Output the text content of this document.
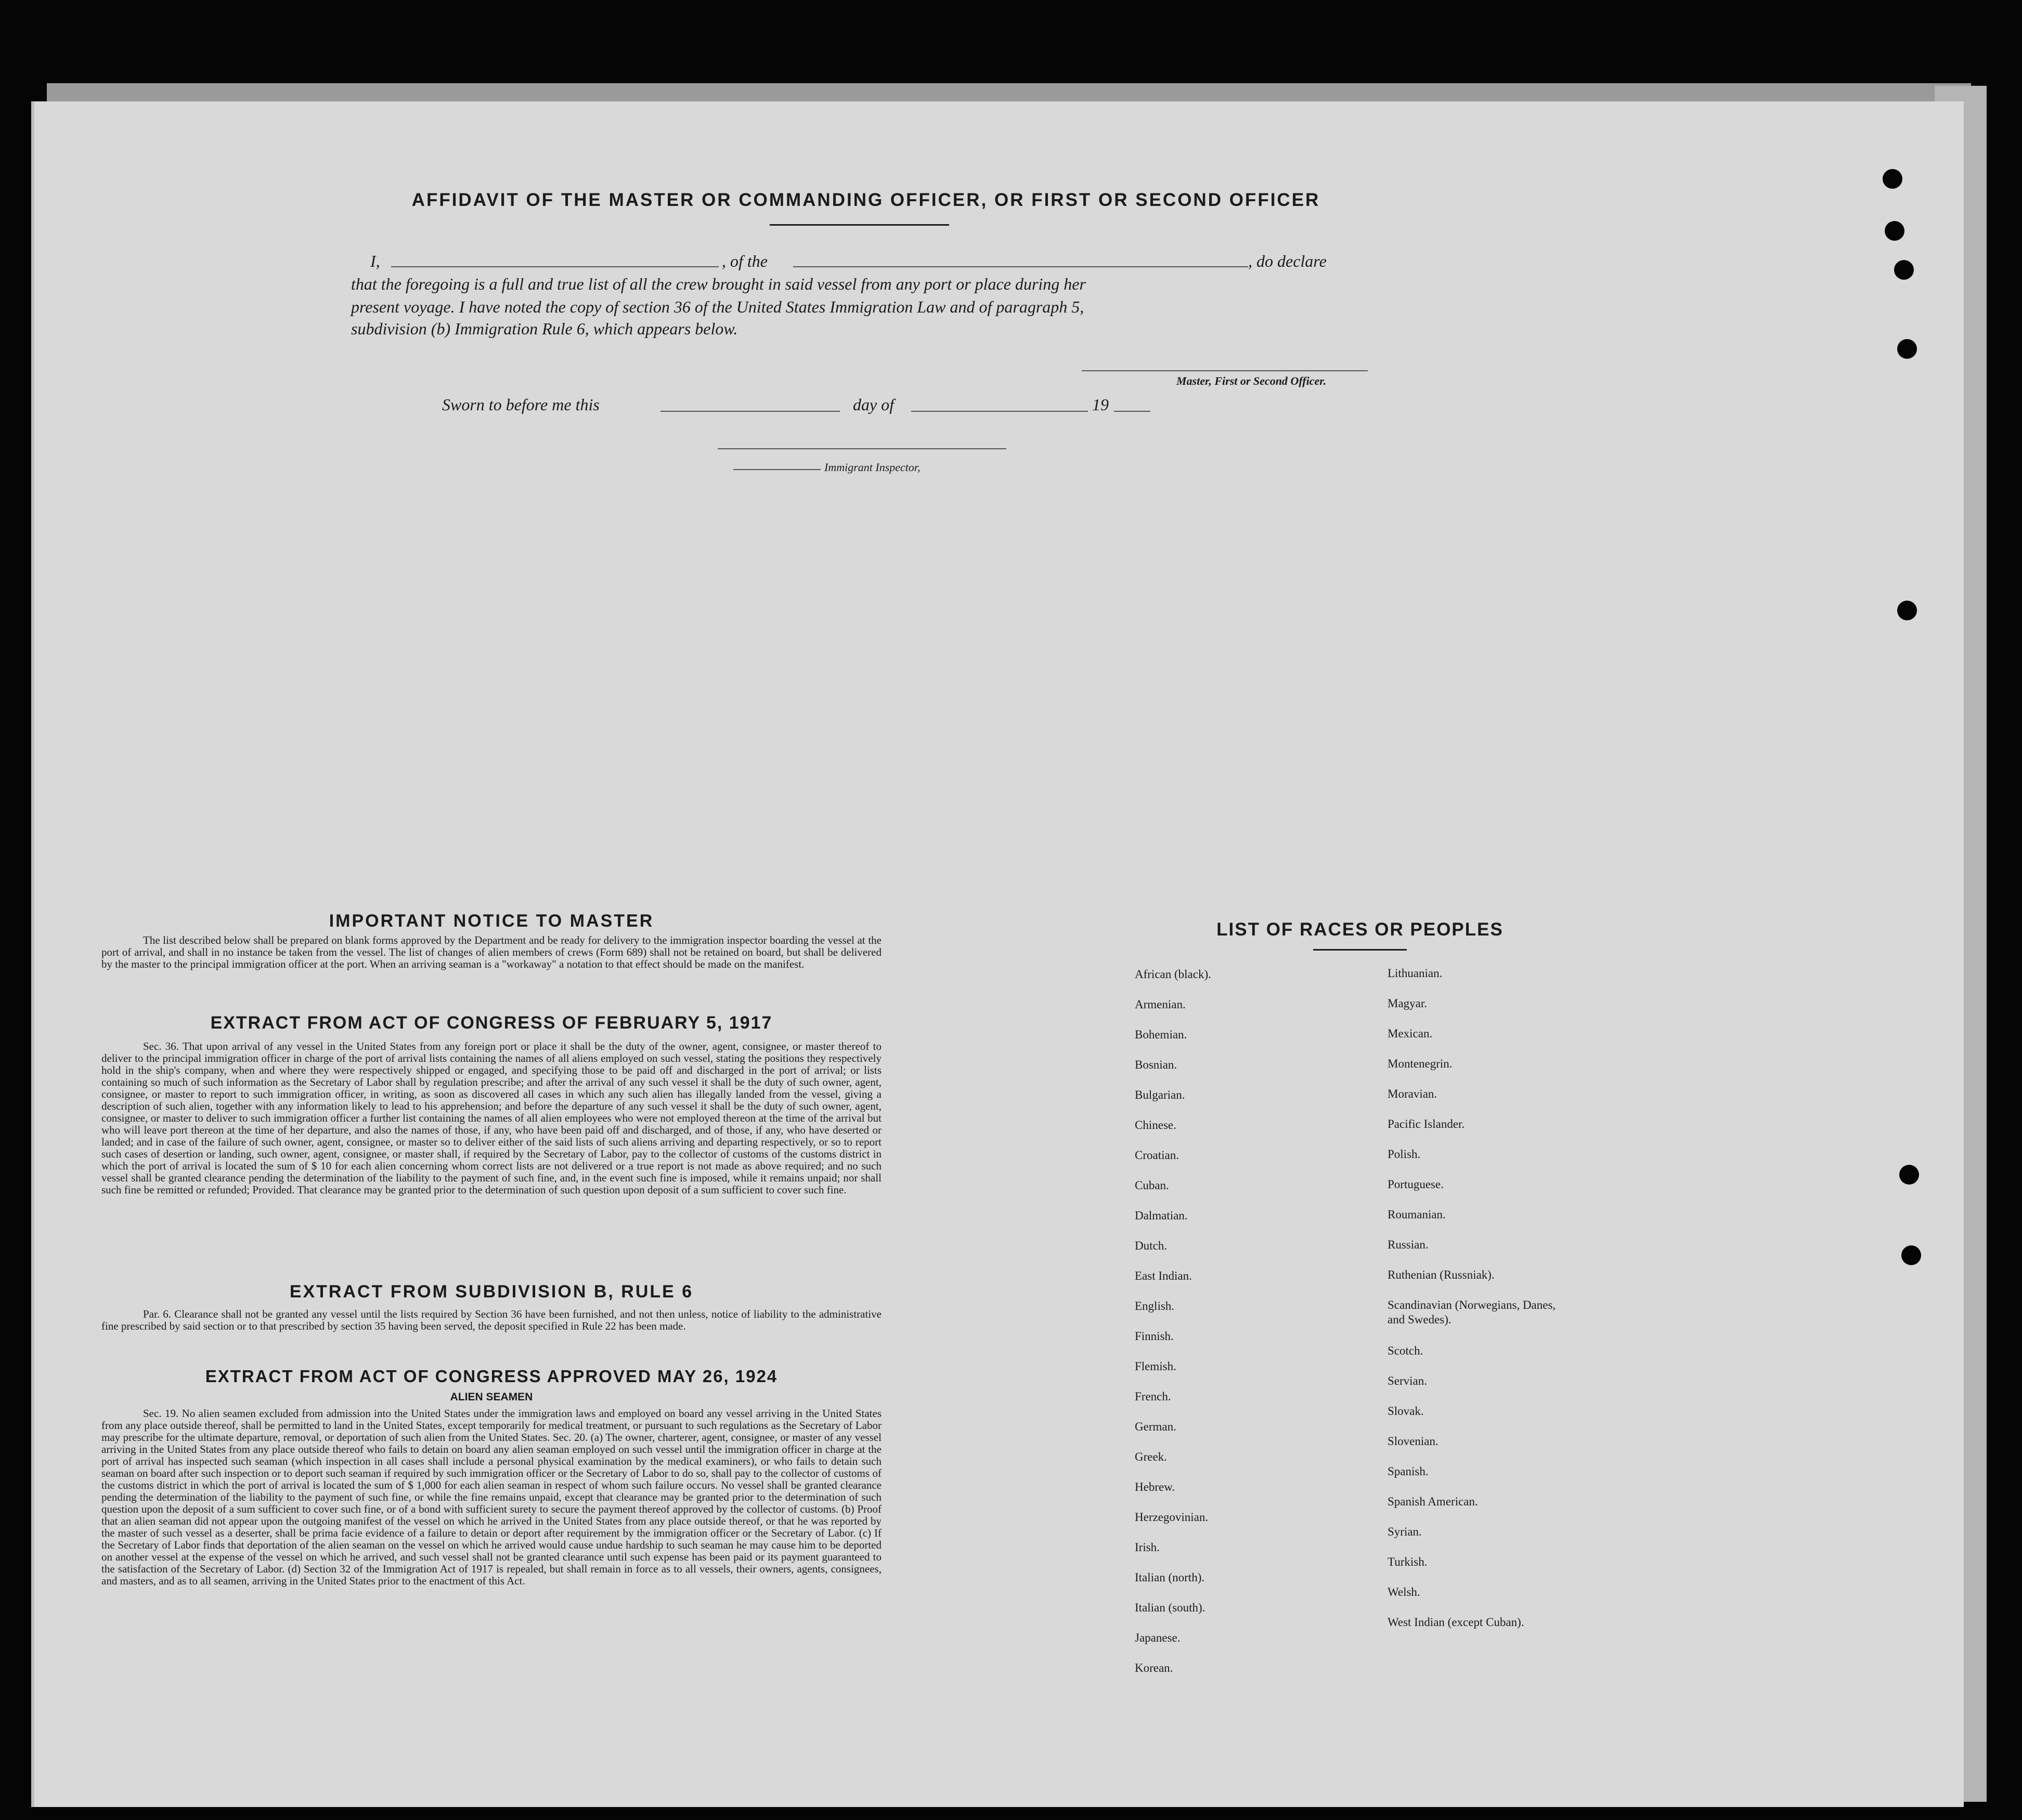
AFFIDAVIT OF THE MASTER OR COMMANDING OFFICER, OR FIRST OR SECOND OFFICER
I,	, of the	, do declare
that the foregoing is a full and true list of all the crew brought in said vessel from any port or place during her
present voyage. I have noted the copy of section 36 of the United States Immigration Law and of paragraph 5,
subdivision (b) Immigration Rule 6, which appears below.
Master, First or Second Officer.
Sworn to before me this	day of	19
Immigrant Inspector,
IMPORTANT NOTICE TO MASTER
The list described below shall be prepared on blank forms approved by the Department and be ready for delivery to the immigration inspector boarding the vessel at the port of arrival, and shall in no instance be taken from the vessel. The list of changes of alien members of crews (Form 689) shall not be retained on board, but shall be delivered by the master to the principal immigration officer at the port. When an arriving seaman is a "workaway" a notation to that effect should be made on the manifest.
EXTRACT FROM ACT OF CONGRESS OF FEBRUARY 5, 1917
Sec. 36. That upon arrival of any vessel in the United States from any foreign port or place it shall be the duty of the owner, agent, consignee, or master thereof to deliver to the principal immigration officer in charge of the port of arrival lists containing the names of all aliens employed on such vessel, stating the positions they respectively hold in the ship's company, when and where they were respectively shipped or engaged, and specifying those to be paid off and discharged in the port of arrival; or lists containing so much of such information as the Secretary of Labor shall by regulation prescribe; and after the arrival of any such vessel it shall be the duty of such owner, agent, consignee, or master to report to such immigration officer, in writing, as soon as discovered all cases in which any such alien has illegally landed from the vessel, giving a description of such alien, together with any information likely to lead to his apprehension; and before the departure of any such vessel it shall be the duty of such owner, agent, consignee, or master to deliver to such immigration officer a further list containing the names of all alien employees who were not employed thereon at the time of the arrival but who will leave port thereon at the time of her departure, and also the names of those, if any, who have been paid off and discharged, and of those, if any, who have deserted or landed; and in case of the failure of such owner, agent, consignee, or master so to deliver either of the said lists of such aliens arriving and departing respectively, or so to report such cases of desertion or landing, such owner, agent, consignee, or master shall, if required by the Secretary of Labor, pay to the collector of customs of the customs district in which the port of arrival is located the sum of $ 10 for each alien concerning whom correct lists are not delivered or a true report is not made as above required; and no such vessel shall be granted clearance pending the determination of the liability to the payment of such fine, and, in the event such fine is imposed, while it remains unpaid; nor shall such fine be remitted or refunded; Provided. That clearance may be granted prior to the determination of such question upon deposit of a sum sufficient to cover such fine.
EXTRACT FROM SUBDIVISION B, RULE 6
Par. 6. Clearance shall not be granted any vessel until the lists required by Section 36 have been furnished, and not then unless, notice of liability to the administrative fine prescribed by said section or to that prescribed by section 35 having been served, the deposit specified in Rule 22 has been made.
EXTRACT FROM ACT OF CONGRESS APPROVED MAY 26, 1924
ALIEN SEAMEN
Sec. 19. No alien seamen excluded from admission into the United States under the immigration laws and employed on board any vessel arriving in the United States from any place outside thereof, shall be permitted to land in the United States, except temporarily for medical treatment, or pursuant to such regulations as the Secretary of Labor may prescribe for the ultimate departure, removal, or deportation of such alien from the United States. Sec. 20. (a) The owner, charterer, agent, consignee, or master of any vessel arriving in the United States from any place outside thereof who fails to detain on board any alien seaman employed on such vessel until the immigration officer in charge at the port of arrival has inspected such seaman (which inspection in all cases shall include a personal physical examination by the medical examiners), or who fails to detain such seaman on board after such inspection or to deport such seaman if required by such immigration officer or the Secretary of Labor to do so, shall pay to the collector of customs of the customs district in which the port of arrival is located the sum of $ 1,000 for each alien seaman in respect of whom such failure occurs. No vessel shall be granted clearance pending the determination of the liability to the payment of such fine, or while the fine remains unpaid, except that clearance may be granted prior to the determination of such question upon the deposit of a sum sufficient to cover such fine, or of a bond with sufficient surety to secure the payment thereof approved by the collector of customs. (b) Proof that an alien seaman did not appear upon the outgoing manifest of the vessel on which he arrived in the United States from any place outside thereof, or that he was reported by the master of such vessel as a deserter, shall be prima facie evidence of a failure to detain or deport after requirement by the immigration officer or the Secretary of Labor. (c) If the Secretary of Labor finds that deportation of the alien seaman on the vessel on which he arrived would cause undue hardship to such seaman he may cause him to be deported on another vessel at the expense of the vessel on which he arrived, and such vessel shall not be granted clearance until such expense has been paid or its payment guaranteed to the satisfaction of the Secretary of Labor. (d) Section 32 of the Immigration Act of 1917 is repealed, but shall remain in force as to all vessels, their owners, agents, consignees, and masters, and as to all seamen, arriving in the United States prior to the enactment of this Act.
LIST OF RACES OR PEOPLES
African (black).
Armenian.
Bohemian.
Bosnian.
Bulgarian.
Chinese.
Croatian.
Cuban.
Dalmatian.
Dutch.
East Indian.
English.
Finnish.
Flemish.
French.
German.
Greek.
Hebrew.
Herzegovinian.
Irish.
Italian (north).
Italian (south).
Japanese.
Korean.
Lithuanian.
Magyar.
Mexican.
Montenegrin.
Moravian.
Pacific Islander.
Polish.
Portuguese.
Roumanian.
Russian.
Ruthenian (Russniak).
Scandinavian (Norwegians, Danes, and Swedes).
Scotch.
Servian.
Slovak.
Slovenian.
Spanish.
Spanish American.
Syrian.
Turkish.
Welsh.
West Indian (except Cuban).
